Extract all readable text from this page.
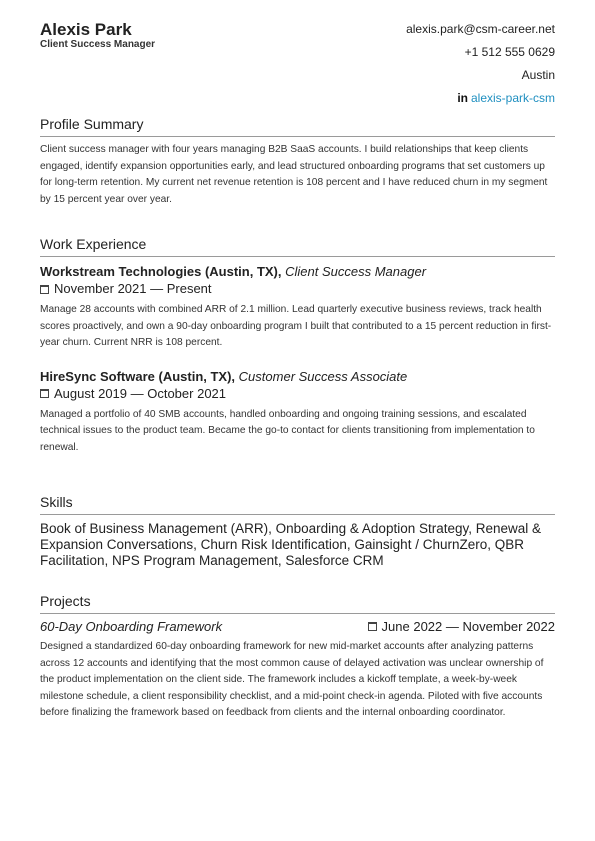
Alexis Park
Client Success Manager
alexis.park@csm-career.net
+1 512 555 0629
Austin
in alexis-park-csm
Profile Summary
Client success manager with four years managing B2B SaaS accounts. I build relationships that keep clients engaged, identify expansion opportunities early, and lead structured onboarding programs that set customers up for long-term retention. My current net revenue retention is 108 percent and I have reduced churn in my segment by 15 percent year over year.
Work Experience
Workstream Technologies (Austin, TX), Client Success Manager
November 2021 — Present
Manage 28 accounts with combined ARR of 2.1 million. Lead quarterly executive business reviews, track health scores proactively, and own a 90-day onboarding program I built that contributed to a 15 percent reduction in first-year churn. Current NRR is 108 percent.
HireSync Software (Austin, TX), Customer Success Associate
August 2019 — October 2021
Managed a portfolio of 40 SMB accounts, handled onboarding and ongoing training sessions, and escalated technical issues to the product team. Became the go-to contact for clients transitioning from implementation to renewal.
Skills
Book of Business Management (ARR), Onboarding & Adoption Strategy, Renewal & Expansion Conversations, Churn Risk Identification, Gainsight / ChurnZero, QBR Facilitation, NPS Program Management, Salesforce CRM
Projects
60-Day Onboarding Framework	June 2022 — November 2022
Designed a standardized 60-day onboarding framework for new mid-market accounts after analyzing patterns across 12 accounts and identifying that the most common cause of delayed activation was unclear ownership of the product implementation on the client side. The framework includes a kickoff template, a week-by-week milestone schedule, a client responsibility checklist, and a mid-point check-in agenda. Piloted with five accounts before finalizing the framework based on feedback from clients and the internal onboarding coordinator.
